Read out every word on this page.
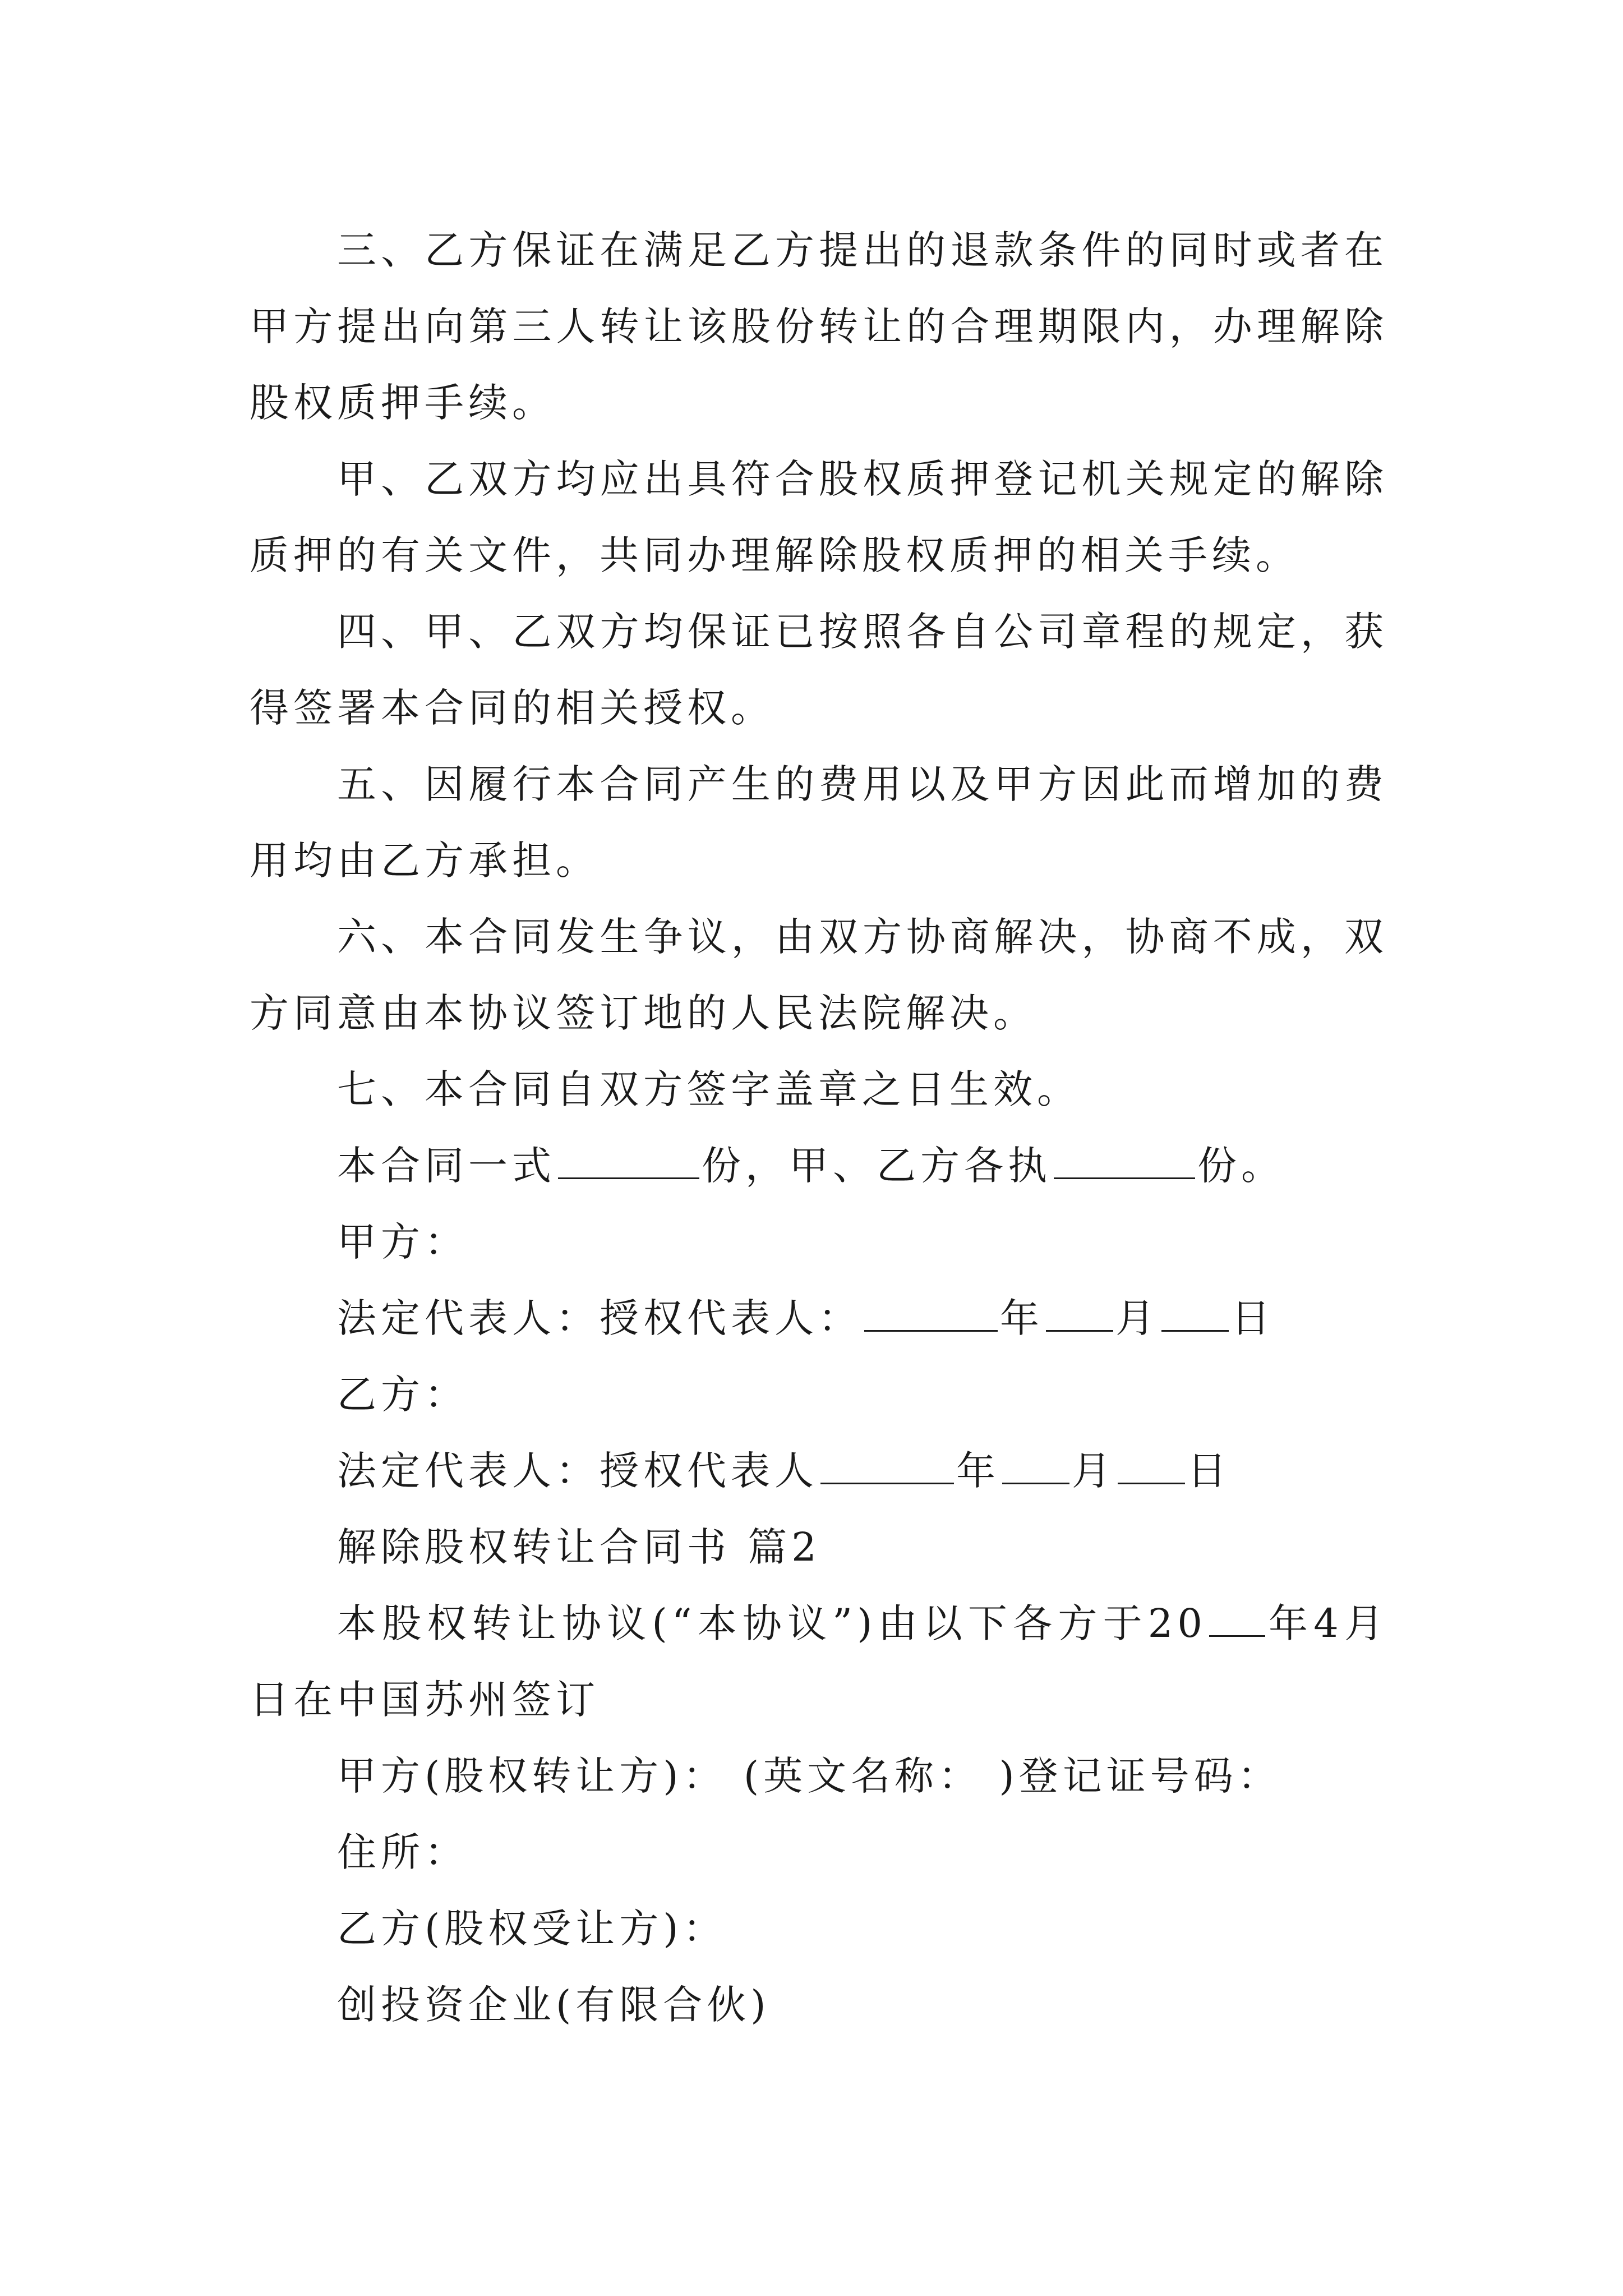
三、乙方保证在满足乙方提出的退款条件的同时或者在甲方提出向第三人转让该股份转让的合理期限内，办理解除股权质押手续。

甲、乙双方均应出具符合股权质押登记机关规定的解除质押的有关文件，共同办理解除股权质押的相关手续。

四、甲、乙双方均保证已按照各自公司章程的规定，获得签署本合同的相关授权。

五、因履行本合同产生的费用以及甲方因此而增加的费用均由乙方承担。

六、本合同发生争议，由双方协商解决，协商不成，双方同意由本协议签订地的人民法院解决。

七、本合同自双方签字盖章之日生效。

本合同一式	份，甲、乙方各执	份。

甲方：

法定代表人：授权代表人：	年 月 日

乙方：

法定代表人：授权代表人	年 月 日

解除股权转让合同书 篇2

本股权转让协议(“本协议”)由以下各方于20 年4月日在中国苏州签订

甲方(股权转让方)： (英文名称： )登记证号码：

住所：

乙方(股权受让方)：

创投资企业(有限合伙)
